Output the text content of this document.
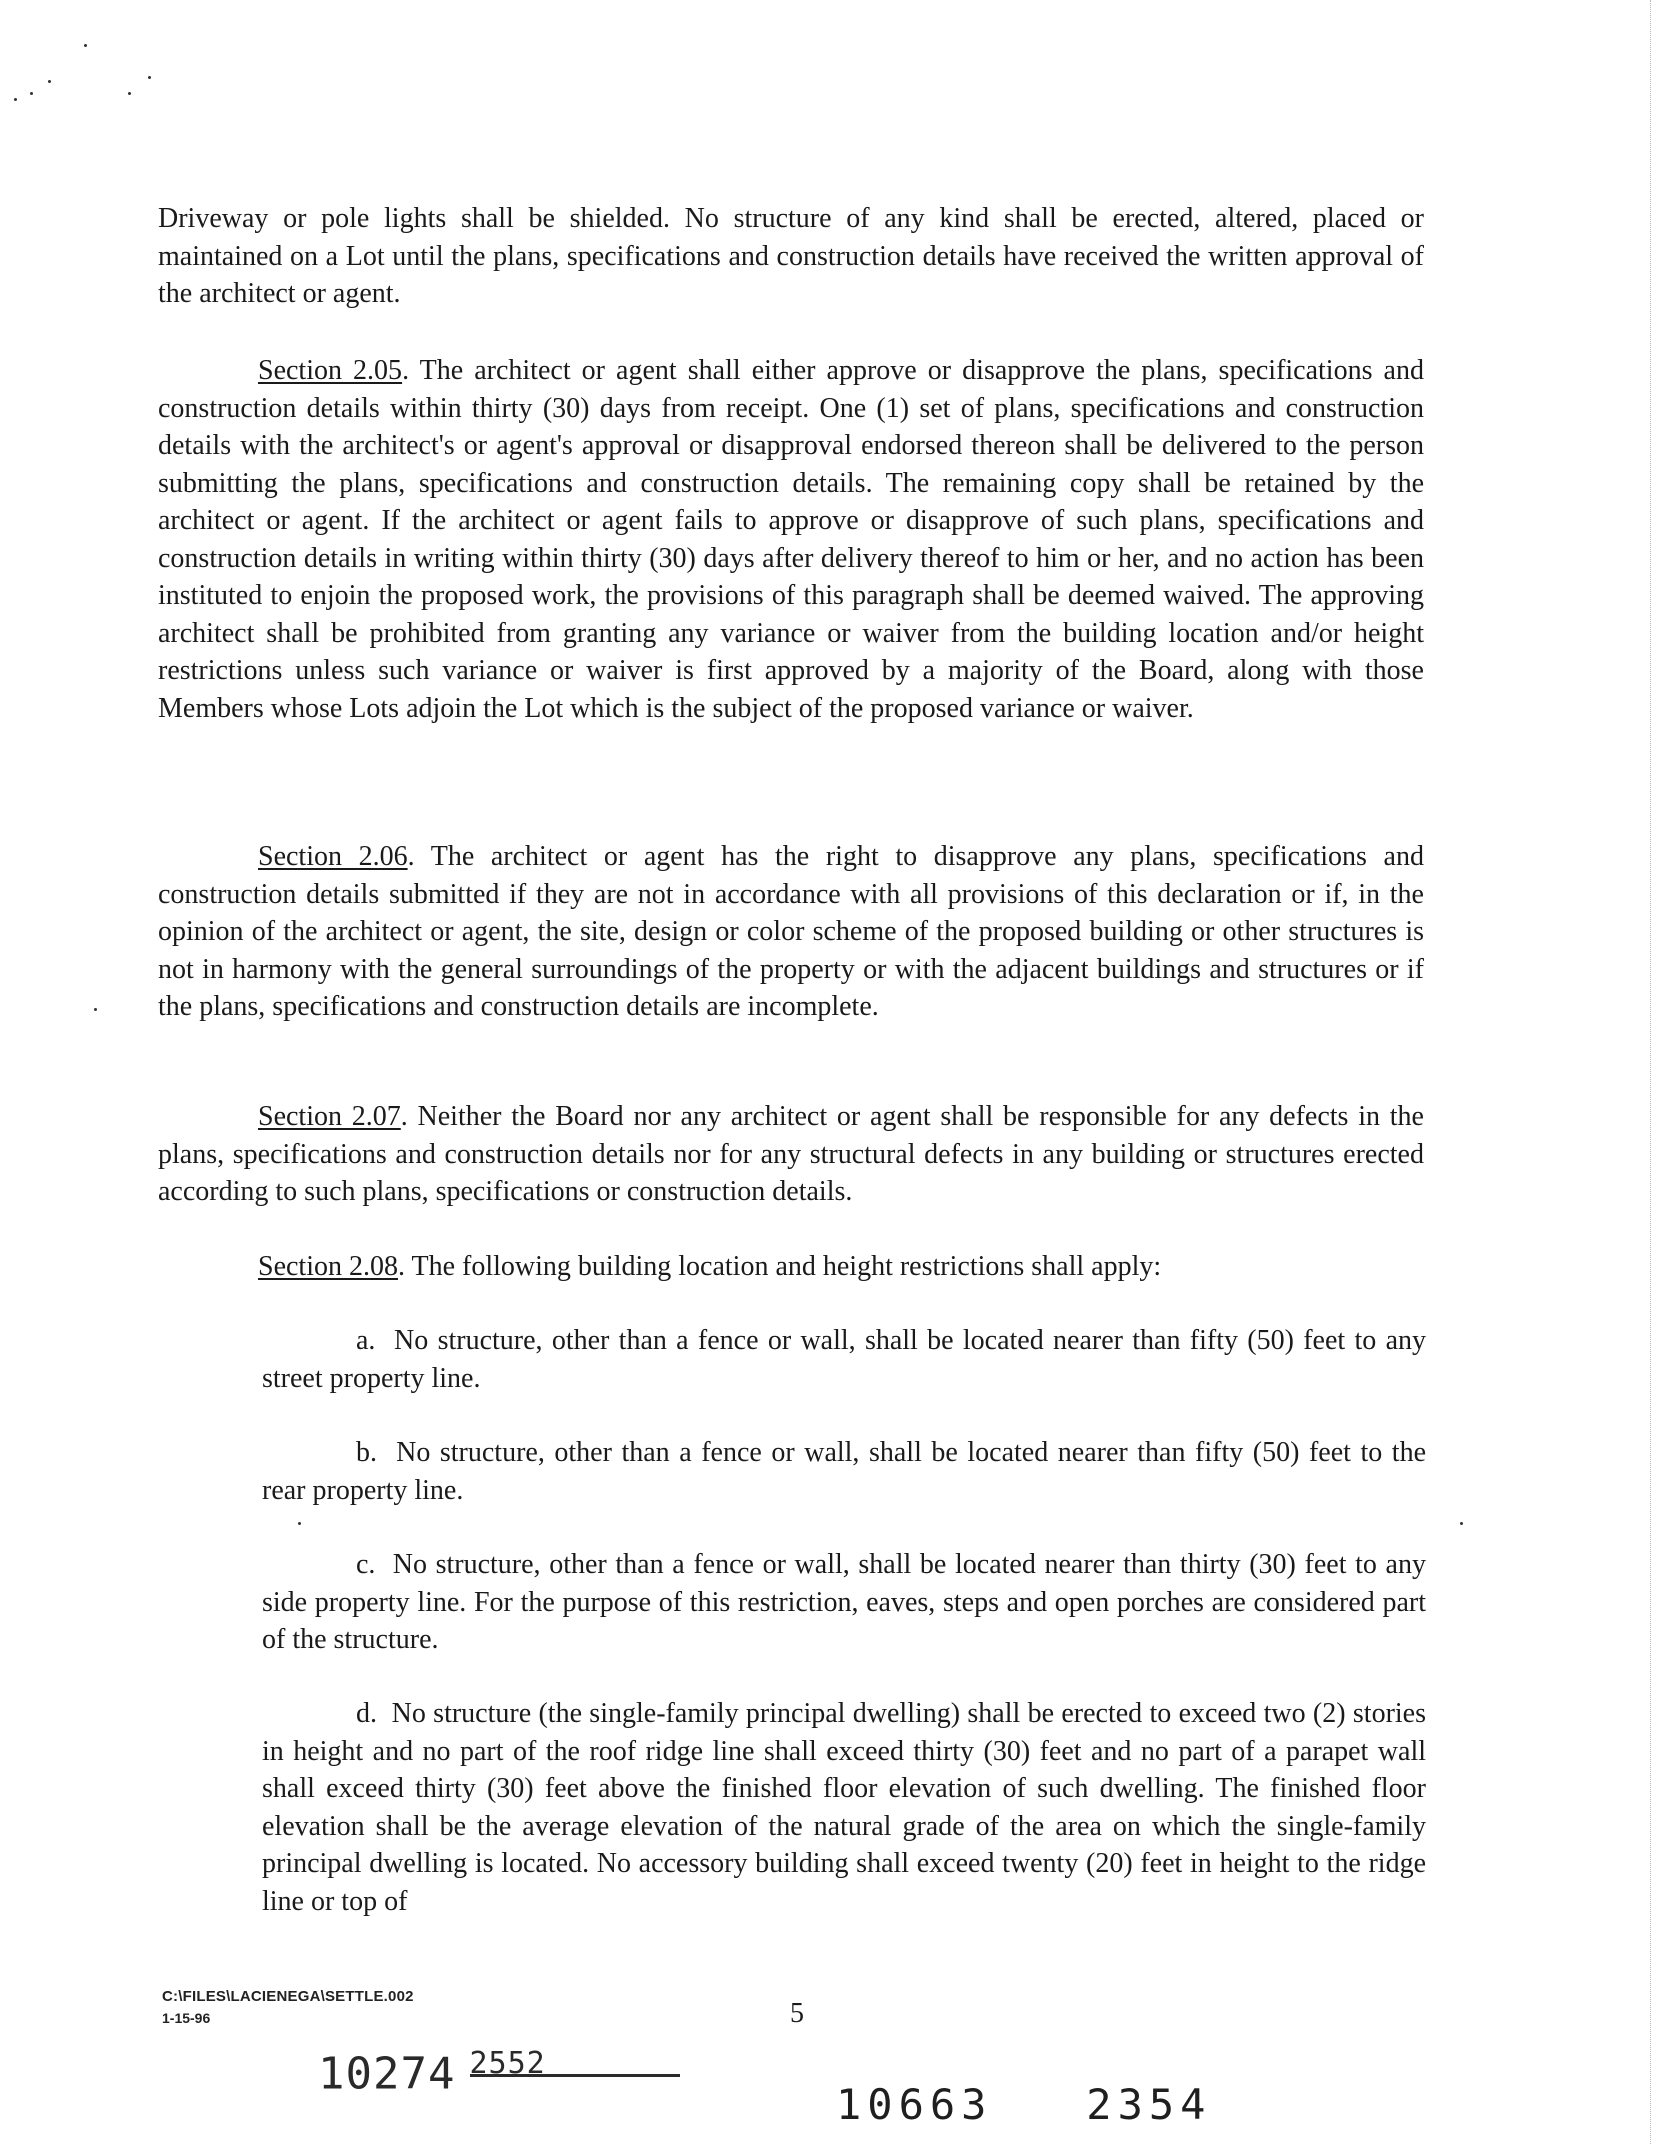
Driveway or pole lights shall be shielded. No structure of any kind shall be erected, altered, placed or maintained on a Lot until the plans, specifications and construction details have received the written approval of the architect or agent.

Section 2.05. The architect or agent shall either approve or disapprove the plans, specifications and construction details within thirty (30) days from receipt. One (1) set of plans, specifications and construction details with the architect's or agent's approval or disapproval endorsed thereon shall be delivered to the person submitting the plans, specifications and construction details. The remaining copy shall be retained by the architect or agent. If the architect or agent fails to approve or disapprove of such plans, specifications and construction details in writing within thirty (30) days after delivery thereof to him or her, and no action has been instituted to enjoin the proposed work, the provisions of this paragraph shall be deemed waived. The approving architect shall be prohibited from granting any variance or waiver from the building location and/or height restrictions unless such variance or waiver is first approved by a majority of the Board, along with those Members whose Lots adjoin the Lot which is the subject of the proposed variance or waiver.

Section 2.06. The architect or agent has the right to disapprove any plans, specifications and construction details submitted if they are not in accordance with all provisions of this declaration or if, in the opinion of the architect or agent, the site, design or color scheme of the proposed building or other structures is not in harmony with the general surroundings of the property or with the adjacent buildings and structures or if the plans, specifications and construction details are incomplete.

Section 2.07. Neither the Board nor any architect or agent shall be responsible for any defects in the plans, specifications and construction details nor for any structural defects in any building or structures erected according to such plans, specifications or construction details.

Section 2.08. The following building location and height restrictions shall apply:

a. No structure, other than a fence or wall, shall be located nearer than fifty (50) feet to any street property line.

b. No structure, other than a fence or wall, shall be located nearer than fifty (50) feet to the rear property line.

c. No structure, other than a fence or wall, shall be located nearer than thirty (30) feet to any side property line. For the purpose of this restriction, eaves, steps and open porches are considered part of the structure.

d. No structure (the single-family principal dwelling) shall be erected to exceed two (2) stories in height and no part of the roof ridge line shall exceed thirty (30) feet and no part of a parapet wall shall exceed thirty (30) feet above the finished floor elevation of such dwelling. The finished floor elevation shall be the average elevation of the natural grade of the area on which the single-family principal dwelling is located. No accessory building shall exceed twenty (20) feet in height to the ridge line or top of

C:\FILES\LACIENEGA\SETTLE.002
1-15-96	5
10274 $^{2552}$
10663 2354
